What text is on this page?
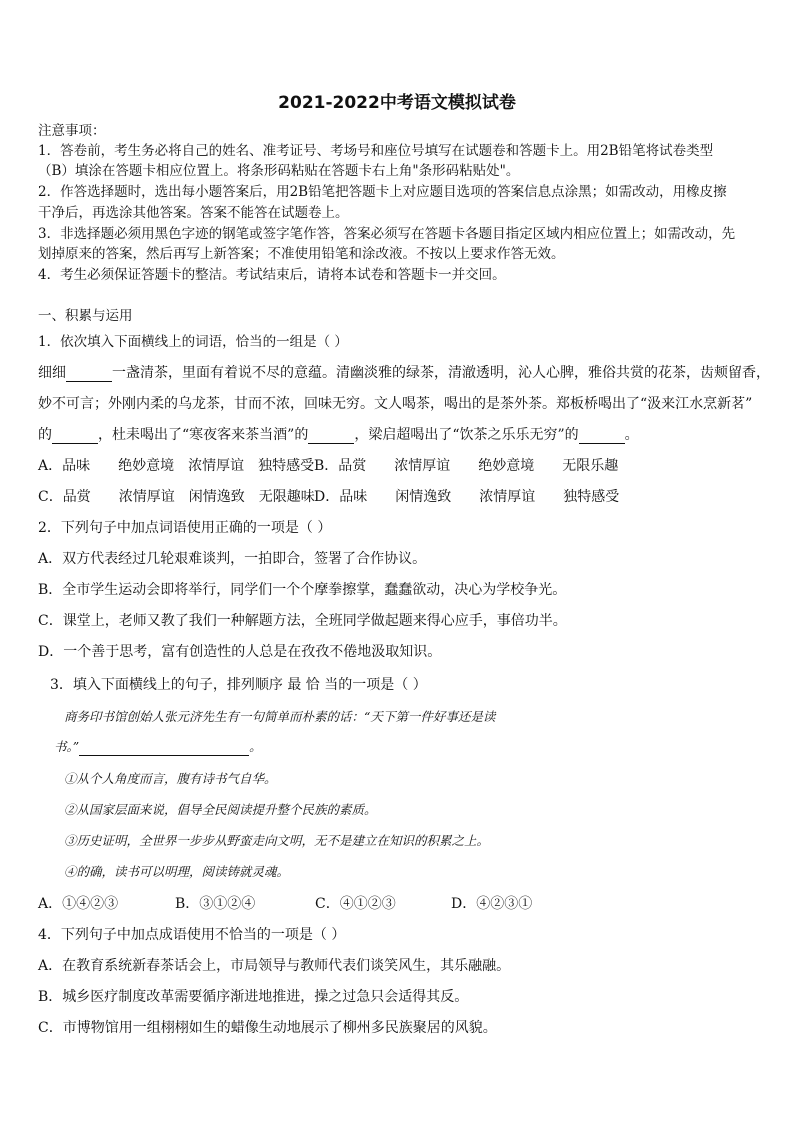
2021-2022中考语文模拟试卷
注意事项：
1．答卷前，考生务必将自己的姓名、准考证号、考场号和座位号填写在试题卷和答题卡上。用2B铅笔将试卷类型
（B）填涂在答题卡相应位置上。将条形码粘贴在答题卡右上角"条形码粘贴处"。
2．作答选择题时，选出每小题答案后，用2B铅笔把答题卡上对应题目选项的答案信息点涂黑；如需改动，用橡皮擦
干净后，再选涂其他答案。答案不能答在试题卷上。
3．非选择题必须用黑色字迹的钢笔或签字笔作答，答案必须写在答题卡各题目指定区域内相应位置上；如需改动，先
划掉原来的答案，然后再写上新答案；不准使用铅笔和涂改液。不按以上要求作答无效。
4．考生必须保证答题卡的整洁。考试结束后，请将本试卷和答题卡一并交回。
一、积累与运用
1．依次填入下面横线上的词语，恰当的一组是（ ）
细细	一盏清茶，里面有着说不尽的意蕴。清幽淡雅的绿茶，清澈透明，沁人心脾，雅俗共赏的花茶，齿颊留香，
妙不可言；外刚内柔的乌龙茶，甘而不浓，回味无穷。文人喝茶，喝出的是茶外茶。郑板桥喝出了“汲来江水烹新茗”
的	，杜耒喝出了“寒夜客来茶当酒”的	，梁启超喝出了“饮茶之乐乐无穷”的	。
A．品味　　绝妙意境　浓情厚谊　独特感受B．品赏　　浓情厚谊　　绝妙意境　　无限乐趣
C．品赏　　浓情厚谊　闲情逸致　无限趣味D．品味　　闲情逸致　　浓情厚谊　　独特感受
2．下列句子中加点词语使用正确的一项是（ ）
A．双方代表经过几轮艰难谈判，一拍即合，签署了合作协议。
B．全市学生运动会即将举行，同学们一个个摩拳擦掌，蠢蠢欲动，决心为学校争光。
C．课堂上，老师又教了我们一种解题方法，全班同学做起题来得心应手，事倍功半。
D．一个善于思考，富有创造性的人总是在孜孜不倦地汲取知识。
3．填入下面横线上的句子，排列顺序 最 恰 当的一项是（ ）
商务印书馆创始人张元济先生有一句简单而朴素的话：“天下第一件好事还是读
书。”	。
①从个人角度而言，腹有诗书气自华。
②从国家层面来说，倡导全民阅读提升整个民族的素质。
③历史证明，全世界一步步从野蛮走向文明，无不是建立在知识的积累之上。
④的确，读书可以明理，阅读铸就灵魂。
A．①④②③	B．③①②④	C．④①②③	D．④②③①
4．下列句子中加点成语使用不恰当的一项是（ ）
A．在教育系统新春茶话会上，市局领导与教师代表们谈笑风生，其乐融融。
B．城乡医疗制度改革需要循序渐进地推进，操之过急只会适得其反。
C．市博物馆用一组栩栩如生的蜡像生动地展示了柳州多民族聚居的风貌。
